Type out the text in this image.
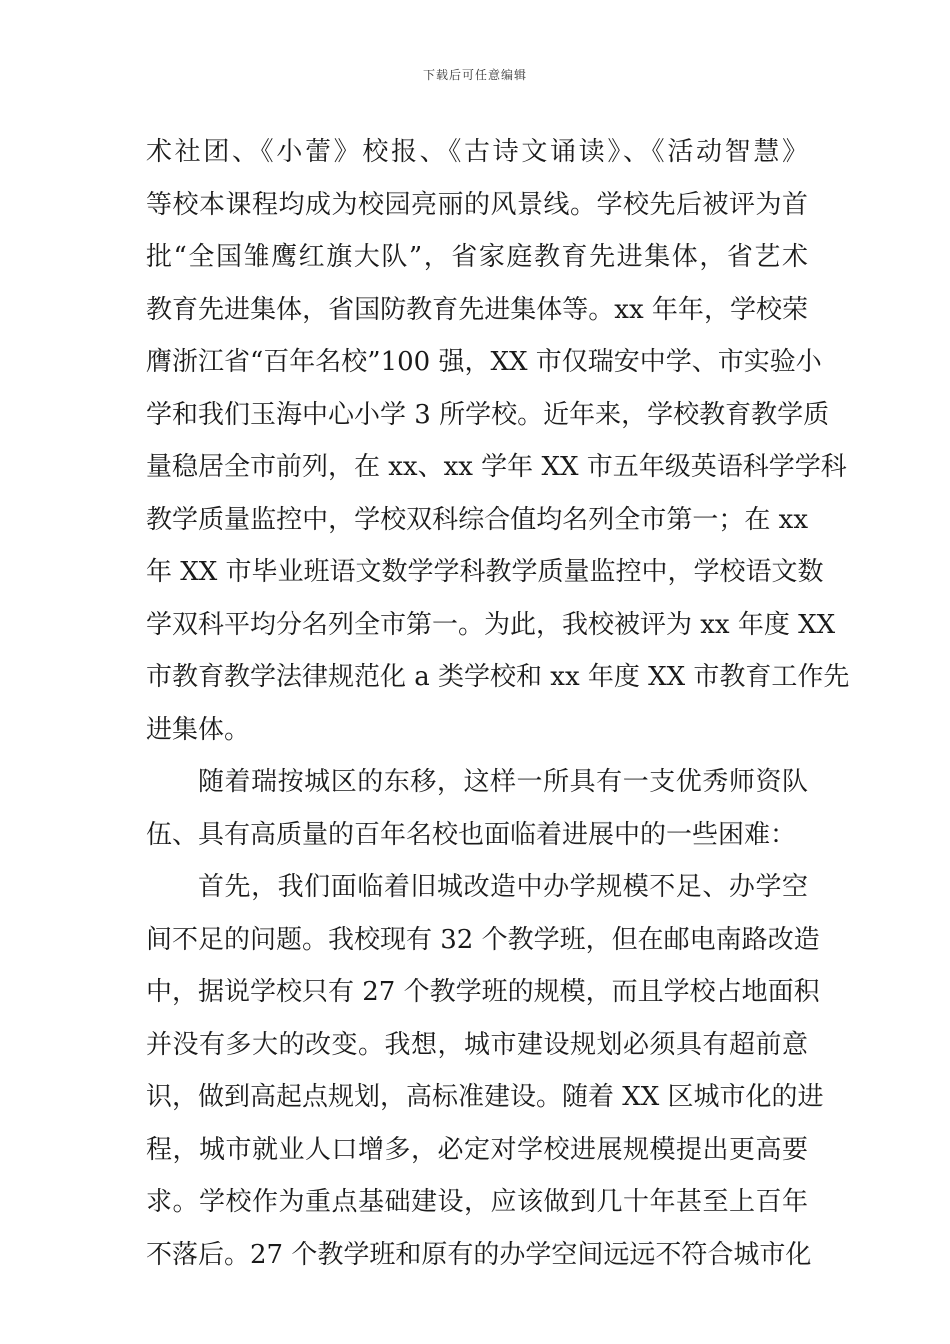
下载后可任意编辑
术社团、《小蕾》校报、《古诗文诵读》、《活动智慧》
等校本课程均成为校园亮丽的风景线。学校先后被评为首
批“全国雏鹰红旗大队”，省家庭教育先进集体，省艺术
教育先进集体，省国防教育先进集体等。xx 年年，学校荣
膺浙江省“百年名校”100 强，XX 市仅瑞安中学、市实验小
学和我们玉海中心小学 3 所学校。近年来，学校教育教学质
量稳居全市前列，在 xx、xx 学年 XX 市五年级英语科学学科
教学质量监控中，学校双科综合值均名列全市第一；在 xx
年 XX 市毕业班语文数学学科教学质量监控中，学校语文数
学双科平均分名列全市第一。为此，我校被评为 xx 年度 XX
市教育教学法律规范化 a 类学校和 xx 年度 XX 市教育工作先
进集体。
随着瑞按城区的东移，这样一所具有一支优秀师资队
伍、具有高质量的百年名校也面临着进展中的一些困难：
首先，我们面临着旧城改造中办学规模不足、办学空
间不足的问题。我校现有 32 个教学班，但在邮电南路改造
中，据说学校只有 27 个教学班的规模，而且学校占地面积
并没有多大的改变。我想，城市建设规划必须具有超前意
识，做到高起点规划，高标准建设。随着 XX 区城市化的进
程，城市就业人口增多，必定对学校进展规模提出更高要
求。学校作为重点基础建设，应该做到几十年甚至上百年
不落后。27 个教学班和原有的办学空间远远不符合城市化
